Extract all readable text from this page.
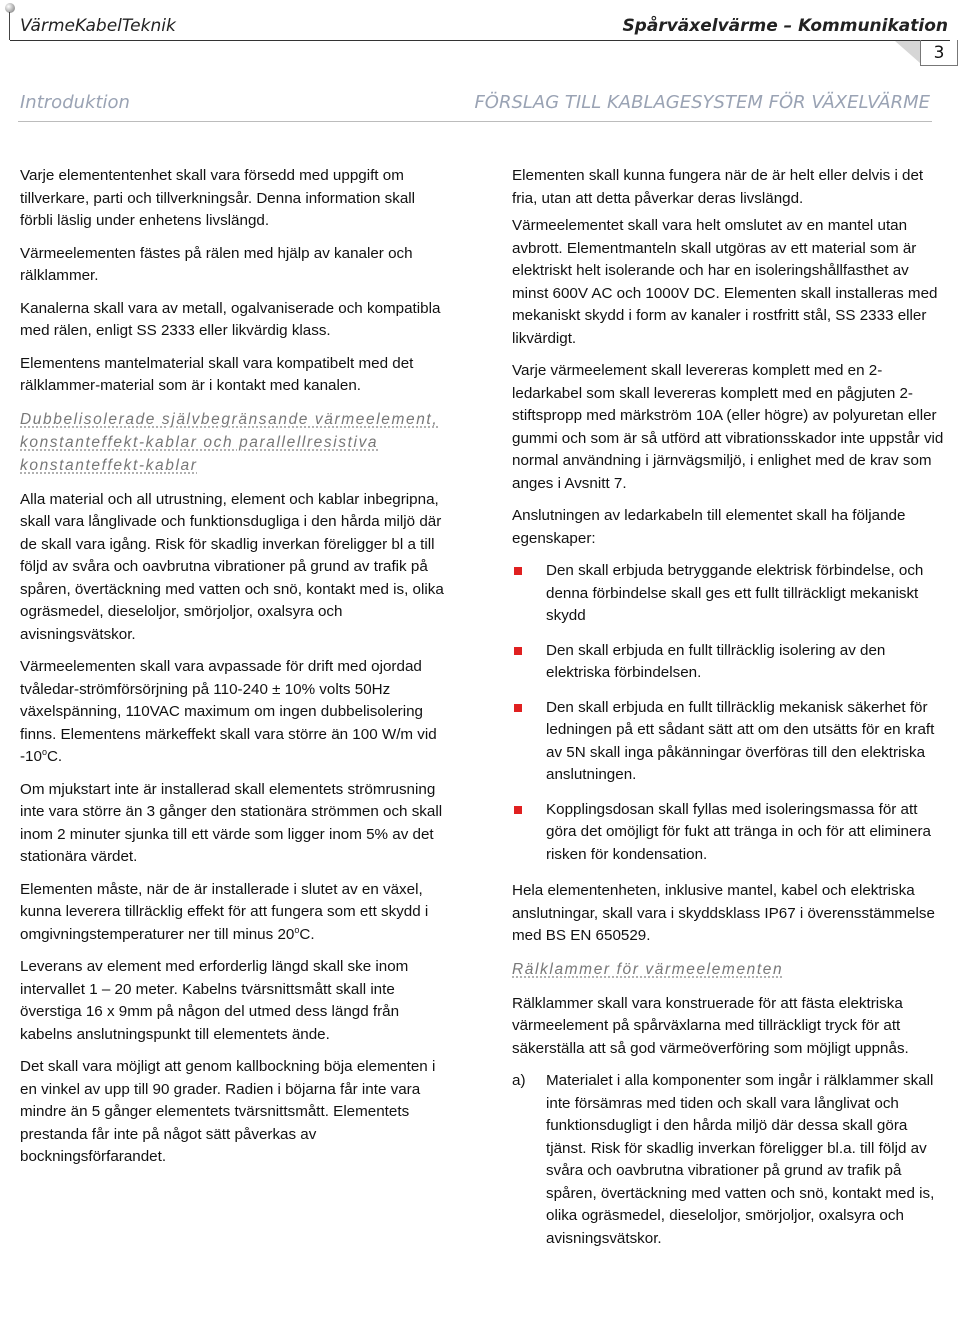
VärmeKabelTeknik	Spårväxelvärme – Kommunikation
3
Introduktion	FÖRSLAG TILL KABLAGESYSTEM FÖR VÄXELVÄRME

Varje elemententenhet skall vara försedd med uppgift om tillverkare, parti och tillverkningsår. Denna information skall förbli läslig under enhetens livslängd.

Värmeelementen fästes på rälen med hjälp av kanaler och rälklammer.

Kanalerna skall vara av metall, ogalvaniserade och kompatibla med rälen, enligt SS 2333 eller likvärdig klass.

Elementens mantelmaterial skall vara kompatibelt med det rälklammer-material som är i kontakt med kanalen.

Dubbelisolerade självbegränsande värmeelement, konstanteffekt-kablar och parallellresistiva konstanteffekt-kablar

Alla material och all utrustning, element och kablar inbegripna, skall vara långlivade och funktionsdugliga i den hårda miljö där de skall vara igång. Risk för skadlig inverkan föreligger bl a till följd av svåra och oavbrutna vibrationer på grund av trafik på spåren, övertäckning med vatten och snö, kontakt med is, olika ogräsmedel, dieseloljor, smörjoljor, oxalsyra och avisningsvätskor.

Värmeelementen skall vara avpassade för drift med ojordad tvåledar-strömförsörjning på 110-240 ± 10% volts 50Hz växelspänning, 110VAC maximum om ingen dubbelisolering finns. Elementens märkeffekt skall vara större än 100 W/m vid -10$^o$C.

Om mjukstart inte är installerad skall elementets strömrusning inte vara större än 3 gånger den stationära strömmen och skall inom 2 minuter sjunka till ett värde som ligger inom 5% av det stationära värdet.

Elementen måste, när de är installerade i slutet av en växel, kunna leverera tillräcklig effekt för att fungera som ett skydd i omgivningstemperaturer ner till minus 20$^o$C.

Leverans av element med erforderlig längd skall ske inom intervallet 1 – 20 meter. Kabelns tvärsnittsmått skall inte överstiga 16 x 9mm på någon del utmed dess längd från kabelns anslutningspunkt till elementets ände.

Det skall vara möjligt att genom kallbockning böja elementen i en vinkel av upp till 90 grader. Radien i böjarna får inte vara mindre än 5 gånger elementets tvärsnittsmått. Elementets prestanda får inte på något sätt påverkas av bockningsförfarandet.

Elementen skall kunna fungera när de är helt eller delvis i det fria, utan att detta påverkar deras livslängd.

Värmeelementet skall vara helt omslutet av en mantel utan avbrott. Elementmanteln skall utgöras av ett material som är elektriskt helt isolerande och har en isoleringshållfasthet av minst 600V AC och 1000V DC. Elementen skall installeras med mekaniskt skydd i form av kanaler i rostfritt stål, SS 2333 eller likvärdigt.

Varje värmeelement skall levereras komplett med en 2-ledarkabel som skall levereras komplett med en pågjuten 2-stiftspropp med märkström 10A (eller högre) av polyuretan eller gummi och som är så utförd att vibrationsskador inte uppstår vid normal användning i järnvägsmiljö, i enlighet med de krav som anges i Avsnitt 7.

Anslutningen av ledarkabeln till elementet skall ha följande egenskaper:

Den skall erbjuda betryggande elektrisk förbindelse, och denna förbindelse skall ges ett fullt tillräckligt mekaniskt skydd
Den skall erbjuda en fullt tillräcklig isolering av den elektriska förbindelsen.
Den skall erbjuda en fullt tillräcklig mekanisk säkerhet för ledningen på ett sådant sätt att om den utsätts för en kraft av 5N skall inga påkänningar överföras till den elektriska anslutningen.
Kopplingsdosan skall fyllas med isoleringsmassa för att göra det omöjligt för fukt att tränga in och för att eliminera risken för kondensation.

Hela elementenheten, inklusive mantel, kabel och elektriska anslutningar, skall vara i skyddsklass IP67 i överensstämmelse med BS EN 650529.

Rälklammer för värmeelementen

Rälklammer skall vara konstruerade för att fästa elektriska värmeelement på spårväxlarna med tillräckligt tryck för att säkerställa att så god värmeöverföring som möjligt uppnås.

a) Materialet i alla komponenter som ingår i rälklammer skall inte försämras med tiden och skall vara långlivat och funktionsdugligt i den hårda miljö där dessa skall göra tjänst. Risk för skadlig inverkan föreligger bl.a. till följd av svåra och oavbrutna vibrationer på grund av trafik på spåren, övertäckning med vatten och snö, kontakt med is, olika ogräsmedel, dieseloljor, smörjoljor, oxalsyra och avisningsvätskor.
